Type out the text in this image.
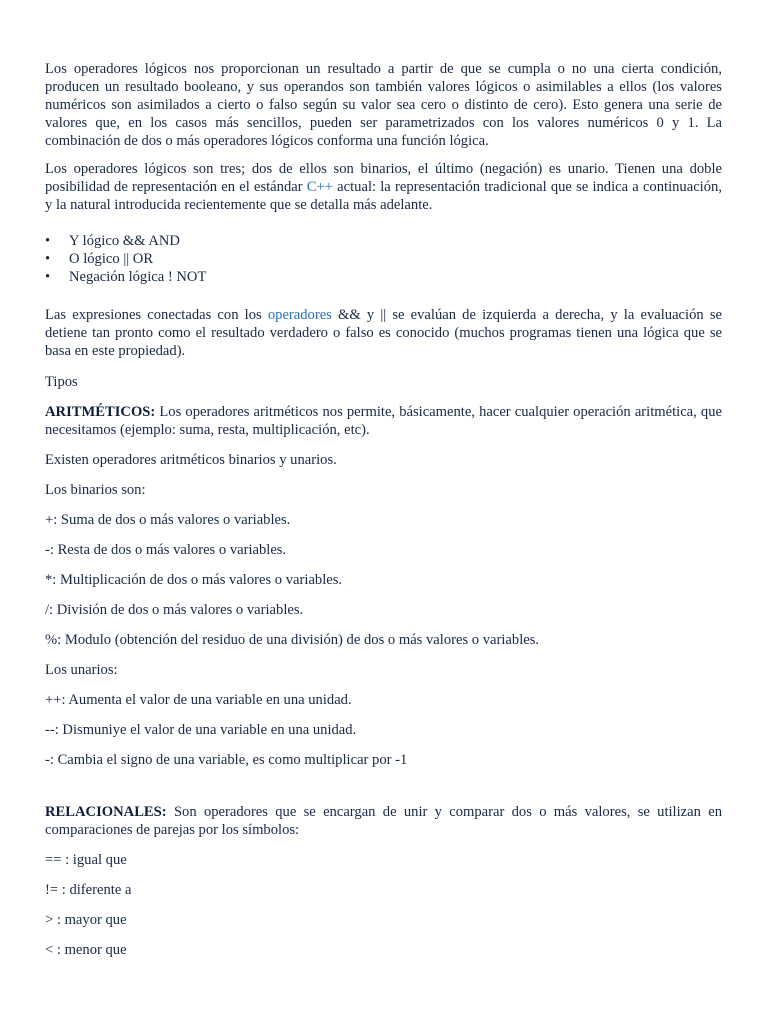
Los operadores lógicos nos proporcionan un resultado a partir de que se cumpla o no una cierta condición, producen un resultado booleano, y sus operandos son también valores lógicos o asimilables a ellos (los valores numéricos son asimilados a cierto o falso según su valor sea cero o distinto de cero). Esto genera una serie de valores que, en los casos más sencillos, pueden ser parametrizados con los valores numéricos 0 y 1. La combinación de dos o más operadores lógicos conforma una función lógica.

Los operadores lógicos son tres; dos de ellos son binarios, el último (negación) es unario. Tienen una doble posibilidad de representación en el estándar C++ actual: la representación tradicional que se indica a continuación, y la natural introducida recientemente que se detalla más adelante.

• Y lógico && AND
• O lógico || OR
• Negación lógica ! NOT

Las expresiones conectadas con los operadores && y || se evalúan de izquierda a derecha, y la evaluación se detiene tan pronto como el resultado verdadero o falso es conocido (muchos programas tienen una lógica que se basa en este propiedad).

Tipos

ARITMÉTICOS: Los operadores aritméticos nos permite, básicamente, hacer cualquier operación aritmética, que necesitamos (ejemplo: suma, resta, multiplicación, etc).

Existen operadores aritméticos binarios y unarios.

Los binarios son:

+: Suma de dos o más valores o variables.

-: Resta de dos o más valores o variables.

*: Multiplicación de dos o más valores o variables.

/: División de dos o más valores o variables.

%: Modulo (obtención del residuo de una división) de dos o más valores o variables.

Los unarios:

++: Aumenta el valor de una variable en una unidad.

--: Dismuniye el valor de una variable en una unidad.

-: Cambia el signo de una variable, es como multiplicar por -1

RELACIONALES: Son operadores que se encargan de unir y comparar dos o más valores, se utilizan en comparaciones de parejas por los símbolos:

== : igual que

!= : diferente a

> : mayor que

< : menor que
